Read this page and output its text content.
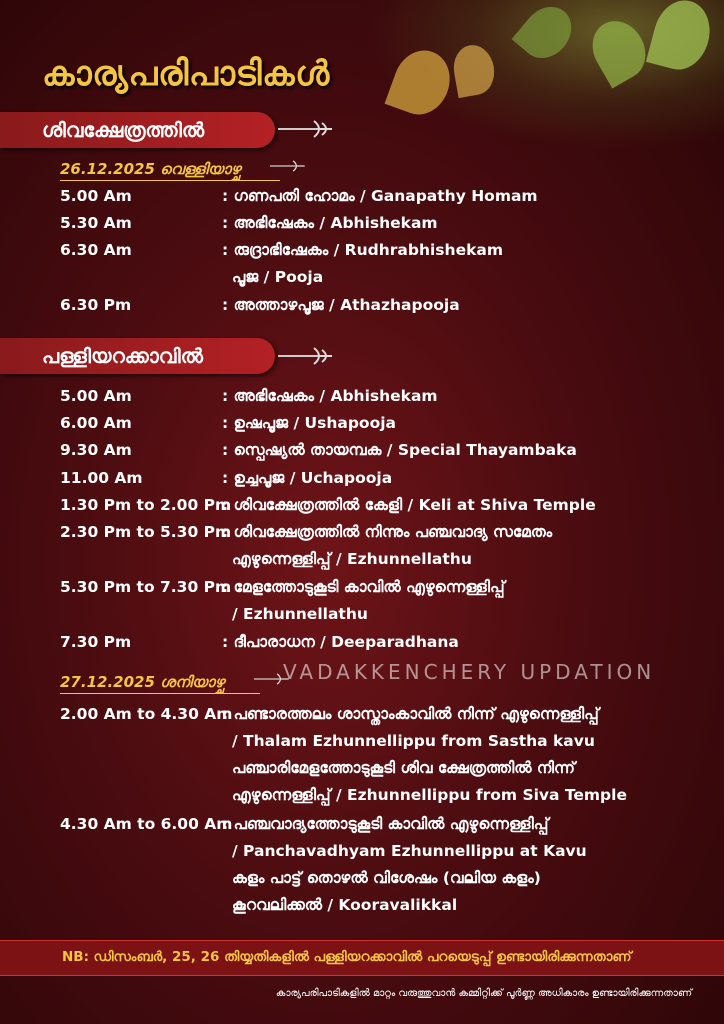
കാര്യപരിപാടികൾ
ശിവക്ഷേത്രത്തിൽ
26.12.2025 വെള്ളിയാഴ്ച
5.00 Am	: ഗണപതി ഹോമം / Ganapathy Homam
5.30 Am	: അഭിഷേകം / Abhishekam
6.30 Am	: രുദ്രാഭിഷേകം / Rudhrabhishekam
പൂജ / Pooja
6.30 Pm	: അത്താഴപൂജ / Athazhapooja
പള്ളിയറക്കാവിൽ
5.00 Am	: അഭിഷേകം / Abhishekam
6.00 Am	: ഉഷപൂജ / Ushapooja
9.30 Am	: സ്പെഷ്യൽ തായമ്പക / Special Thayambaka
11.00 Am	: ഉച്ചപൂജ / Uchapooja
1.30 Pm to 2.00 Pm
: ശിവക്ഷേത്രത്തിൽ കേളി / Keli at Shiva Temple
2.30 Pm to 5.30 Pm
: ശിവക്ഷേത്രത്തിൽ നിന്നും പഞ്ചവാദ്യ സമേതം
എഴുന്നെള്ളിപ്പ് / Ezhunnellathu
5.30 Pm to 7.30 Pm
: മേളത്തോടുകൂടി കാവിൽ എഴുന്നെള്ളിപ്പ്
/ Ezhunnellathu
7.30 Pm	: ദീപാരാധന / Deeparadhana
VADAKKENCHERY UPDATION
27.12.2025 ശനിയാഴ്ച
2.00 Am to 4.30 Am
: പണ്ടാരത്തലം ശാസ്താംകാവിൽ നിന്ന് എഴുന്നെള്ളിപ്പ്
/ Thalam Ezhunnellippu from Sastha kavu
പഞ്ചാരിമേളത്തോടുകൂടി ശിവ ക്ഷേത്രത്തിൽ നിന്ന്
എഴുന്നെള്ളിപ്പ് / Ezhunnellippu from Siva Temple
4.30 Am to 6.00 Am
: പഞ്ചവാദ്യത്തോടുകൂടി കാവിൽ എഴുന്നെള്ളിപ്പ്
/ Panchavadhyam Ezhunnellippu at Kavu
കളം പാട്ട് തൊഴൽ വിശേഷം (വലിയ കളം)
കൂറവലിക്കൽ / Kooravalikkal
NB: ഡിസംബർ, 25, 26 തിയ്യതികളിൽ പള്ളിയറക്കാവിൽ പറയെടുപ്പ് ഉണ്ടായിരിക്കുന്നതാണ്
കാര്യപരിപാടികളിൽ മാറ്റം വരുത്തുവാൻ കമ്മിറ്റിക്ക് പൂർണ്ണ അധികാരം ഉണ്ടായിരിക്കുന്നതാണ്
